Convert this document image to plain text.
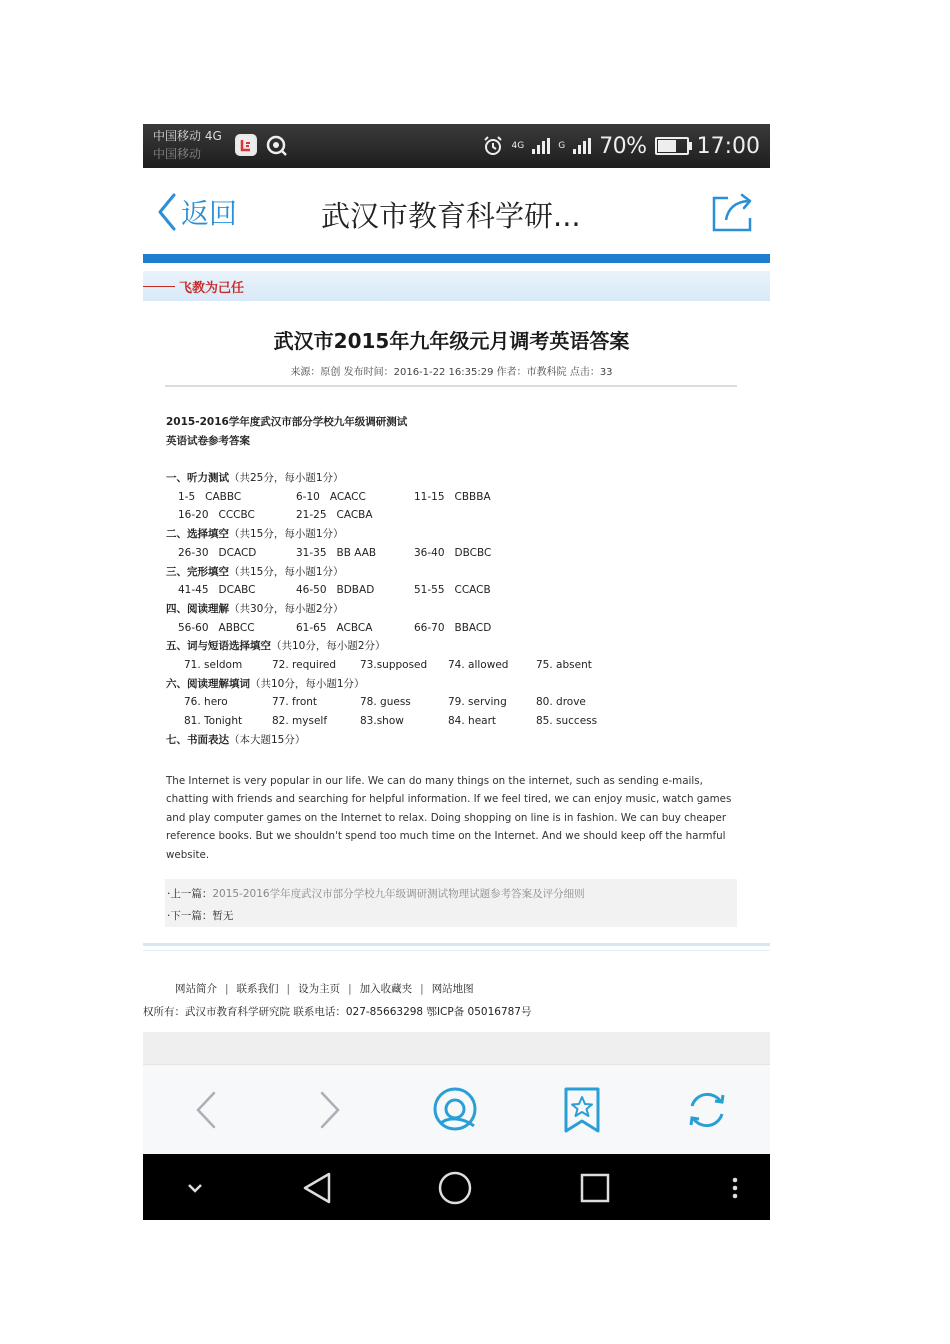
中国移动 4G
中国移动
4G	G 70% 17:00
返回	武汉市教育科学研...
飞教为己任
武汉市2015年九年级元月调考英语答案
来源：原创 发布时间：2016-1-22 16:35:29 作者：市教科院 点击：33
2015-2016学年度武汉市部分学校九年级调研测试
英语试卷参考答案
一、听力测试（共25分，每小题1分）
1-5   CABBC	6-10   ACACC	11-15   CBBBA
16-20   CCCBC	21-25   CACBA
二、选择填空（共15分，每小题1分）
26-30   DCACD	31-35   BB AAB	36-40   DBCBC
三、完形填空（共15分，每小题1分）
41-45   DCABC	46-50   BDBAD	51-55   CCACB
四、阅读理解（共30分，每小题2分）
56-60   ABBCC	61-65   ACBCA	66-70   BBACD
五、词与短语选择填空（共10分，每小题2分）
71. seldom	72. required 73.supposed 74. allowed	75. absent
六、阅读理解填词（共10分，每小题1分）
76. hero	77. front	78. guess	79. serving	80. drove
81. Tonight	82. myself	83.show	84. heart	85. success
七、书面表达（本大题15分）
The Internet is very popular in our life. We can do many things on the internet, such as sending e-mails, chatting with friends and searching for helpful information. If we feel tired, we can enjoy music, watch games and play computer games on the Internet to relax. Doing shopping on line is in fashion. We can buy cheaper reference books. But we shouldn't spend too much time on the Internet. And we should keep off the harmful website.
·上一篇：2015-2016学年度武汉市部分学校九年级调研测试物理试题参考答案及评分细则
·下一篇：暂无
网站简介 | 联系我们 | 设为主页 | 加入收藏夹 | 网站地图
权所有：武汉市教育科学研究院 联系电话：027-85663298 鄂ICP备 05016787号
